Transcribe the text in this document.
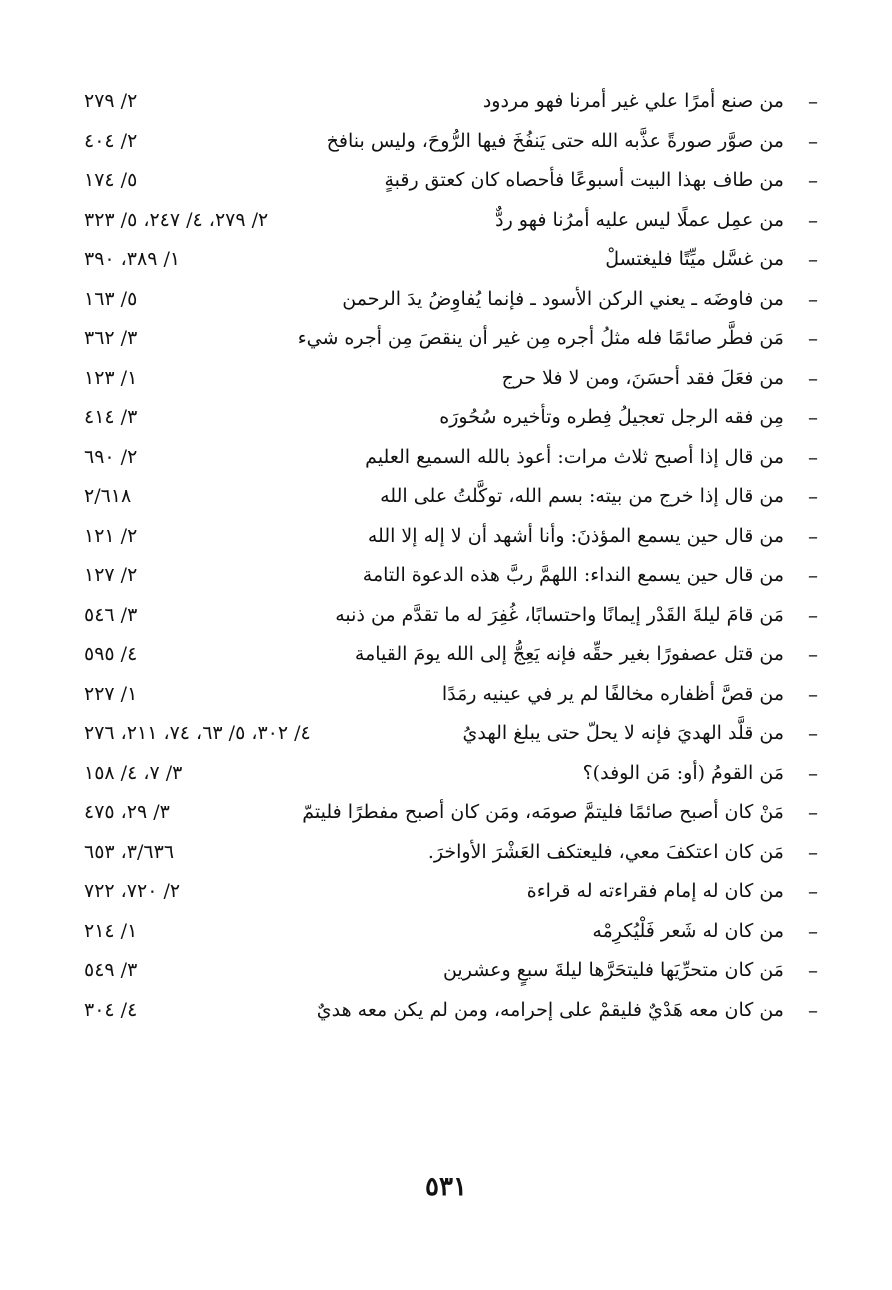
–
من صنع أمرًا علي غير أمرنا فهو مردود
٢/ ٢٧٩
–
من صوَّر صورةً عذَّبه الله حتى يَنفُخَ فيها الرُّوحَ، وليس بنافخ
٢/ ٤٠٤
–
من طاف بهذا البيت أسبوعًا فأحصاه كان كعتق رقبةٍ
٥/ ١٧٤
–
من عمِل عملًا ليس عليه أمرُنا فهو ردٌّ
٢/ ٢٧٩، ٤/ ٢٤٧، ٥/ ٣٢٣
–
من غسَّل ميِّتًا فليغتسلْ
١/ ٣٨٩، ٣٩٠
–
من فاوضَه ـ يعني الركن الأسود ـ فإنما يُفاوِضُ يدَ الرحمن
٥/ ١٦٣
–
مَن فطَّر صائمًا فله مثلُ أجره مِن غير أن ينقصَ مِن أجره شيء
٣/ ٣٦٢
–
من فعَلَ فقد أحسَنَ، ومن لا فلا حرج
١/ ١٢٣
–
مِن فقه الرجل تعجيلُ فِطره وتأخيره سُحُورَه
٣/ ٤١٤
–
من قال إذا أصبح ثلاث مرات: أعوذ بالله السميع العليم
٢/ ٦٩٠
–
من قال إذا خرج من بيته: بسم الله، توكَّلتُ على الله
٢/٦١٨
–
من قال حين يسمع المؤذنَ: وأنا أشهد أن لا إله إلا الله
٢/ ١٢١
–
من قال حين يسمع النداء: اللهمَّ ربَّ هذه الدعوة التامة
٢/ ١٢٧
–
مَن قامَ ليلةَ القَدْر إيمانًا واحتسابًا، غُفِرَ له ما تقدَّم من ذنبه
٣/ ٥٤٦
–
من قتل عصفورًا بغير حقِّه فإنه يَعِجُّ إلى الله يومَ القيامة
٤/ ٥٩٥
–
من قصَّ أظفاره مخالفًا لم ير في عينيه رمَدًا
١/ ٢٢٧
–
من قلَّد الهديَ فإنه لا يحلّ حتى يبلغ الهديُ
٤/ ٣٠٢، ٥/ ٦٣، ٧٤، ٢١١، ٢٧٦
–
مَن القومُ (أو: مَن الوفد)؟
٣/ ٧، ٤/ ١٥٨
–
مَنْ كان أصبح صائمًا فليتمَّ صومَه، ومَن كان أصبح مفطرًا فليتمّ
٣/ ٢٩، ٤٧٥
–
مَن كان اعتكفَ معي، فليعتكف العَشْرَ الأواخرَ.
٣/٦٣٦، ٦٥٣
–
من كان له إمام فقراءته له قراءة
٢/ ٧٢٠، ٧٢٢
–
من كان له شَعر فَلْيُكرِمْه
١/ ٢١٤
–
مَن كان متحرِّيَها فليتحَرَّها ليلةَ سبعٍ وعشرين
٣/ ٥٤٩
–
من كان معه هَدْيٌ فليقمْ على إحرامه، ومن لم يكن معه هديٌ
٤/ ٣٠٤
٥٣١
